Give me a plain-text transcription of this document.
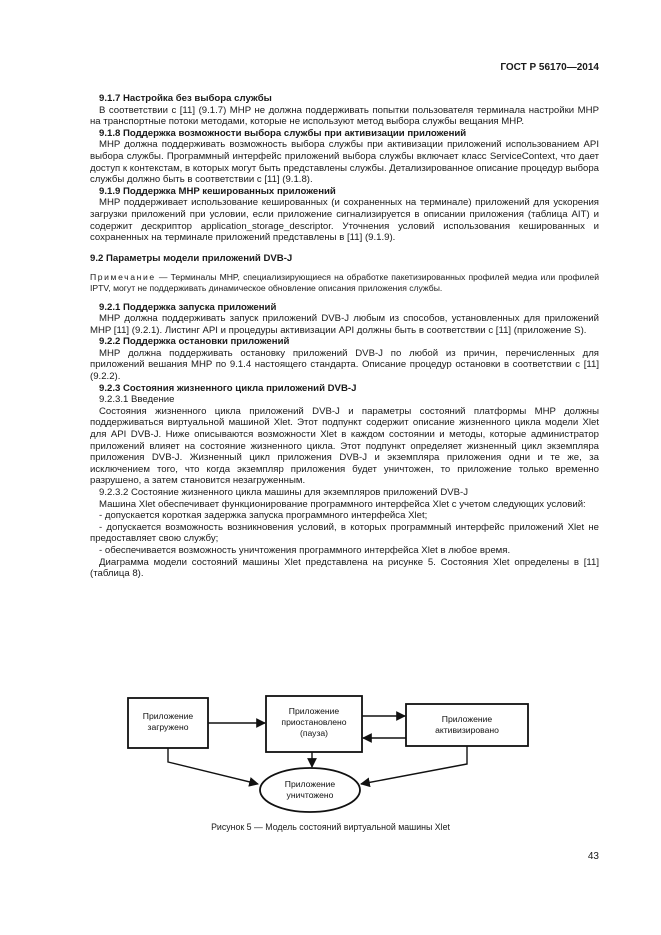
ГОСТ Р 56170—2014

9.1.7 Настройка без выбора службы

В соответствии с [11] (9.1.7) MHP не должна поддерживать попытки пользователя терминала настройки MHP на транспортные потоки методами, которые не используют метод выбора службы вещания MHP.

9.1.8 Поддержка возможности выбора службы при активизации приложений

MHP должна поддерживать возможность выбора службы при активизации приложений использованием API выбора службы. Программный интерфейс приложений выбора службы включает класс ServiceContext, что дает доступ к контекстам, в которых могут быть представлены службы. Детализированное описание процедур выбора службы должно быть в соответствии с [11] (9.1.8).

9.1.9 Поддержка MHP кешированных приложений

MHP поддерживает использование кешированных (и сохраненных на терминале) приложений для ускорения загрузки приложений при условии, если приложение сигнализируется в описании приложения (таблица AIT) и содержит дескриптор application_storage_descriptor. Уточнения условий использования кешированных и сохраненных на терминале приложений представлены в [11] (9.1.9).

9.2 Параметры модели приложений DVB-J

Примечание — Терминалы MHP, специализирующиеся на обработке пакетизированных профилей медиа или профилей IPTV, могут не поддерживать динамическое обновление описания приложения службы.

9.2.1 Поддержка запуска приложений

MHP должна поддерживать запуск приложений DVB-J любым из способов, установленных для приложений MHP [11] (9.2.1). Листинг API и процедуры активизации API должны быть в соответствии с [11] (приложение S).

9.2.2 Поддержка остановки приложений

MHP должна поддерживать остановку приложений DVB-J по любой из причин, перечисленных для приложений вешания MHP по 9.1.4 настоящего стандарта. Описание процедур остановки в соответствии с [11] (9.2.2).

9.2.3 Состояния жизненного цикла приложений DVB-J

9.2.3.1 Введение

Состояния жизненного цикла приложений DVB-J и параметры состояний платформы MHP должны поддерживаться виртуальной машиной Xlet. Этот подпункт содержит описание жизненного цикла модели Xlet для API DVB-J. Ниже описываются возможности Xlet в каждом состоянии и методы, которые администратор приложений влияет на состояние жизненного цикла. Этот подпункт определяет жизненный цикл экземпляра приложения DVB-J. Жизненный цикл приложения DVB-J и экземпляра приложения одни и те же, за исключением того, что когда экземпляр приложения будет уничтожен, то приложение только временно разрушено, а затем становится незагруженным.

9.2.3.2 Состояние жизненного цикла машины для экземпляров приложений DVB-J

Машина Xlet обеспечивает функционирование программного интерфейса Xlet с учетом следующих условий:

- допускается короткая задержка запуска программного интерфейса Xlet;

- допускается возможность возникновения условий, в которых программный интерфейс приложений Xlet не предоставляет свою службу;

- обеспечивается возможность уничтожения программного интерфейса Xlet в любое время.

Диаграмма модели состояний машины Xlet представлена на рисунке 5. Состояния Xlet определены в [11] (таблица 8).

Приложение
загружено
Приложение
приостановлено
(пауза)
Приложение
активизировано
Приложение
уничтожено
Рисунок 5 — Модель состояний виртуальной машины Xlet
43
